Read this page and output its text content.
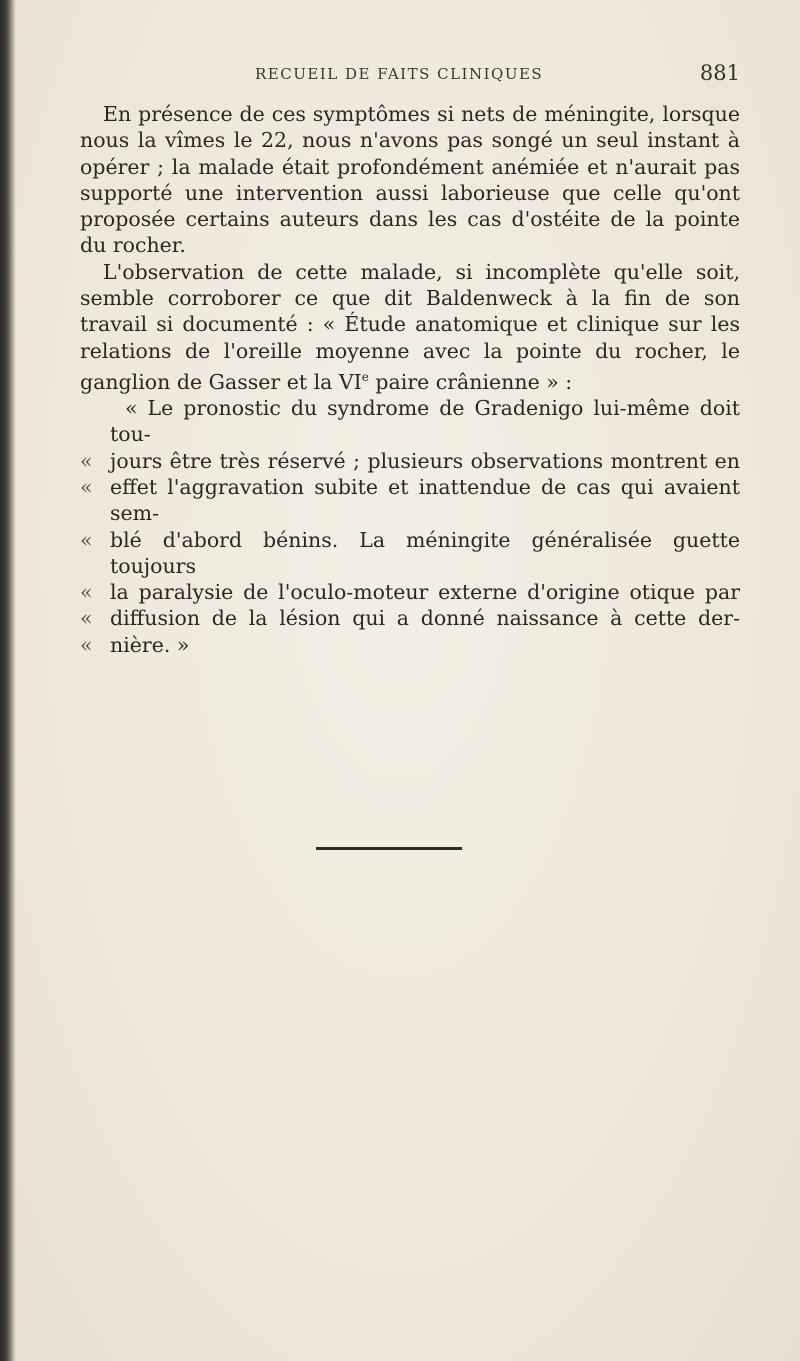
RECUEIL DE FAITS CLINIQUES	881

En présence de ces symptômes si nets de méningite, lorsque nous la vîmes le 22, nous n'avons pas songé un seul instant à opérer ; la malade était profondément anémiée et n'aurait pas supporté une intervention aussi laborieuse que celle qu'ont proposée certains auteurs dans les cas d'ostéite de la pointe du rocher.

L'observation de cette malade, si incomplète qu'elle soit, semble corroborer ce que dit Baldenweck à la fin de son travail si documenté : « Étude anatomique et clinique sur les relations de l'oreille moyenne avec la pointe du rocher, le ganglion de Gasser et la VIe paire crânienne » :

« Le pronostic du syndrome de Gradenigo lui-même doit tou-
« jours être très réservé ; plusieurs observations montrent en
« effet l'aggravation subite et inattendue de cas qui avaient sem-
« blé d'abord bénins. La méningite généralisée guette toujours
« la paralysie de l'oculo-moteur externe d'origine otique par
« diffusion de la lésion qui a donné naissance à cette der-
« nière. »
